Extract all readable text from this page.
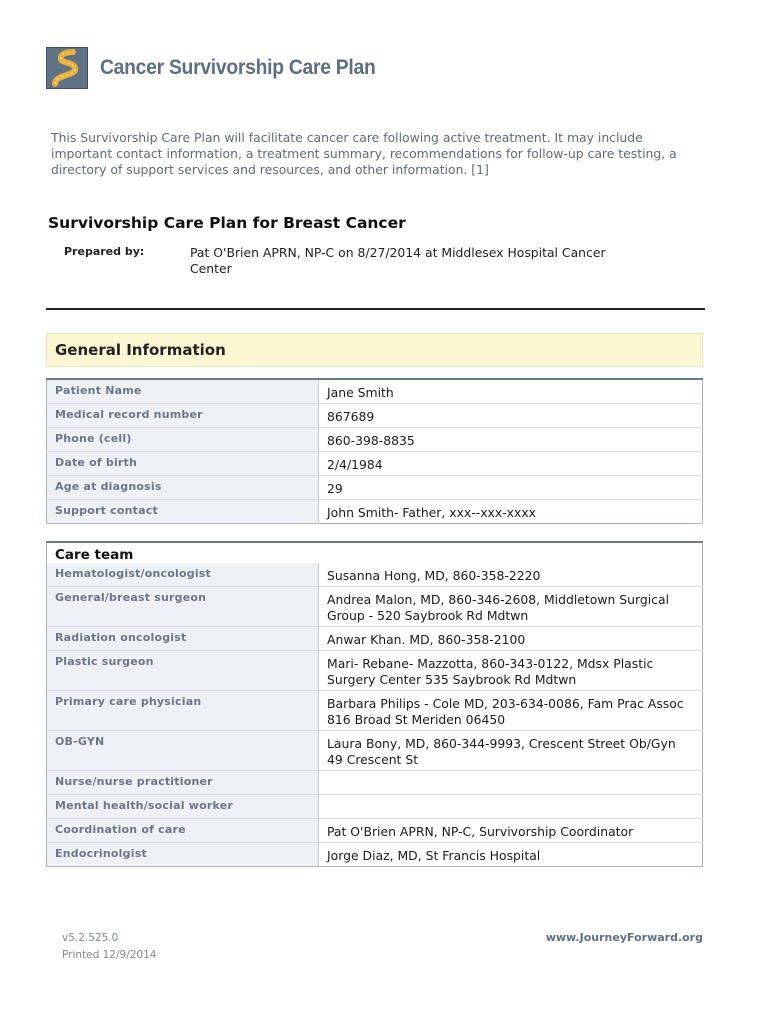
Cancer Survivorship Care Plan
This Survivorship Care Plan will facilitate cancer care following active treatment. It may include important contact information, a treatment summary, recommendations for follow-up care testing, a directory of support services and resources, and other information. [1]
Survivorship Care Plan for Breast Cancer
Prepared by:	Pat O'Brien APRN, NP-C on 8/27/2014 at Middlesex Hospital Cancer Center
General Information
Patient Name	Jane Smith

Medical record number	867689

Phone (cell)	860-398-8835

Date of birth	2/4/1984

Age at diagnosis	29

Support contact	John Smith- Father, xxx--xxx-xxxx
Care team	
Hematologist/oncologist	Susanna Hong, MD, 860-358-2220

General/breast surgeon	Andrea Malon, MD, 860-346-2608, Middletown Surgical Group - 520 Saybrook Rd Mdtwn

Radiation oncologist	Anwar Khan. MD, 860-358-2100

Plastic surgeon	Mari- Rebane- Mazzotta, 860-343-0122, Mdsx Plastic Surgery Center 535 Saybrook Rd Mdtwn

Primary care physician	Barbara Philips - Cole MD, 203-634-0086, Fam Prac Assoc 816 Broad St Meriden 06450

OB-GYN	Laura Bony, MD, 860-344-9993, Crescent Street Ob/Gyn 49 Crescent St

Nurse/nurse practitioner	

Mental health/social worker	

Coordination of care	Pat O'Brien APRN, NP-C, Survivorship Coordinator

Endocrinolgist	Jorge Diaz, MD, St Francis Hospital
v5.2.525.0
Printed 12/9/2014
www.JourneyForward.org
